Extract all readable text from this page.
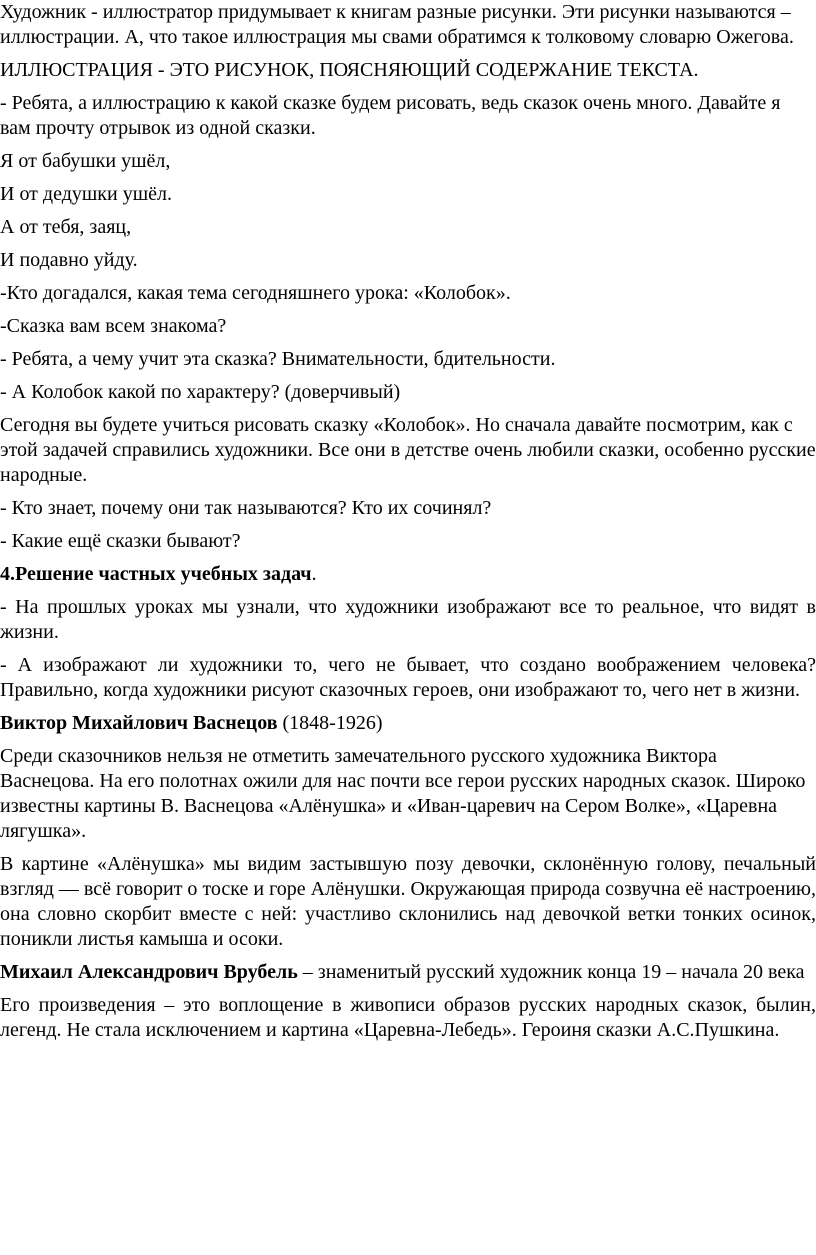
Художник - иллюстратор придумывает к книгам разные рисунки. Эти рисунки называются – иллюстрации. А, что такое иллюстрация мы свами обратимся к толковому словарю Ожегова.

ИЛЛЮСТРАЦИЯ - ЭТО РИСУНОК, ПОЯСНЯЮЩИЙ СОДЕРЖАНИЕ ТЕКСТА.

- Ребята, а иллюстрацию к какой сказке будем рисовать, ведь сказок очень много. Давайте я вам прочту отрывок из одной сказки.

Я от бабушки ушёл,

И от дедушки ушёл.

А от тебя, заяц,

И подавно уйду.

-Кто догадался, какая тема сегодняшнего урока: «Колобок».

-Сказка вам всем знакома?

- Ребята, а чему учит эта сказка? Внимательности, бдительности.

- А Колобок какой по характеру? (доверчивый)

Сегодня вы будете учиться рисовать сказку «Колобок». Но сначала давайте посмотрим, как с этой задачей справились художники. Все они в детстве очень любили сказки, особенно русские народные.

- Кто знает, почему они так называются? Кто их сочинял?

- Какие ещё сказки бывают?

4.Решение частных учебных задач.

- На прошлых уроках мы узнали, что художники изображают все то реальное, что видят в жизни.

- А изображают ли художники то, чего не бывает, что создано воображением человека? Правильно, когда художники рисуют сказочных героев, они изображают то, чего нет в жизни.

Виктор Михайлович Васнецов (1848-1926)

Среди сказочников нельзя не отметить замечательного русского художника Виктора Васнецова. На его полотнах ожили для нас почти все герои русских народных сказок. Широко известны картины В. Васнецова «Алёнушка» и «Иван-царевич на Сером Волке», «Царевна лягушка».

В картине «Алёнушка» мы видим застывшую позу девочки, склонённую голову, печальный взгляд — всё говорит о тоске и горе Алёнушки. Окружающая природа созвучна её настроению, она словно скорбит вместе с ней: участливо склонились над девочкой ветки тонких осинок, поникли листья камыша и осоки.

Михаил Александрович Врубель – знаменитый русский художник конца 19 – начала 20 века

Его произведения – это воплощение в живописи образов русских народных сказок, былин, легенд. Не стала исключением и картина «Царевна-Лебедь». Героиня сказки А.С.Пушкина.
